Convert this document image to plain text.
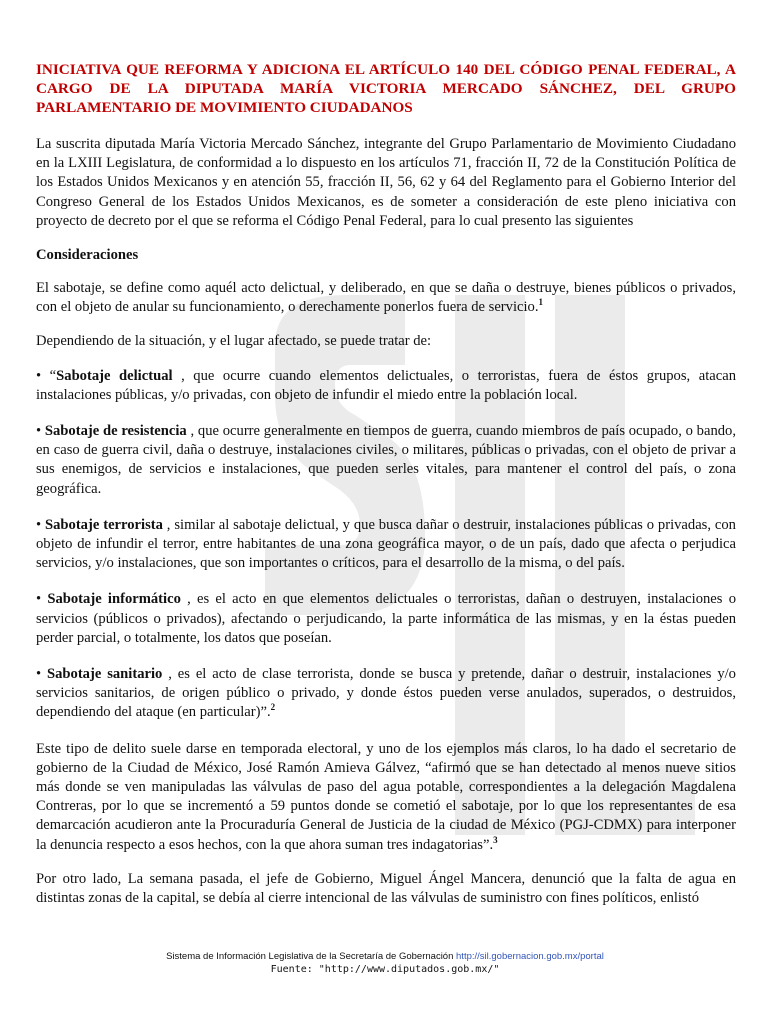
INICIATIVA QUE REFORMA Y ADICIONA EL ARTÍCULO 140 DEL CÓDIGO PENAL FEDERAL, A CARGO DE LA DIPUTADA MARÍA VICTORIA MERCADO SÁNCHEZ, DEL GRUPO PARLAMENTARIO DE MOVIMIENTO CIUDADANOS

La suscrita diputada María Victoria Mercado Sánchez, integrante del Grupo Parlamentario de Movimiento Ciudadano en la LXIII Legislatura, de conformidad a lo dispuesto en los artículos 71, fracción II, 72 de la Constitución Política de los Estados Unidos Mexicanos y en atención 55, fracción II, 56, 62 y 64 del Reglamento para el Gobierno Interior del Congreso General de los Estados Unidos Mexicanos, es de someter a consideración de este pleno iniciativa con proyecto de decreto por el que se reforma el Código Penal Federal, para lo cual presento las siguientes

Consideraciones

El sabotaje, se define como aquél acto delictual, y deliberado, en que se daña o destruye, bienes públicos o privados, con el objeto de anular su funcionamiento, o derechamente ponerlos fuera de servicio.$^1$

Dependiendo de la situación, y el lugar afectado, se puede tratar de:

• “Sabotaje delictual , que ocurre cuando elementos delictuales, o terroristas, fuera de éstos grupos, atacan instalaciones públicas, y/o privadas, con objeto de infundir el miedo entre la población local.

• Sabotaje de resistencia , que ocurre generalmente en tiempos de guerra, cuando miembros de país ocupado, o bando, en caso de guerra civil, daña o destruye, instalaciones civiles, o militares, públicas o privadas, con el objeto de privar a sus enemigos, de servicios e instalaciones, que pueden serles vitales, para mantener el control del país, o zona geográfica.

• Sabotaje terrorista , similar al sabotaje delictual, y que busca dañar o destruir, instalaciones públicas o privadas, con objeto de infundir el terror, entre habitantes de una zona geográfica mayor, o de un país, dado que afecta o perjudica servicios, y/o instalaciones, que son importantes o críticos, para el desarrollo de la misma, o del país.

• Sabotaje informático , es el acto en que elementos delictuales o terroristas, dañan o destruyen, instalaciones o servicios (públicos o privados), afectando o perjudicando, la parte informática de las mismas, y en la éstas pueden perder parcial, o totalmente, los datos que poseían.

• Sabotaje sanitario , es el acto de clase terrorista, donde se busca y pretende, dañar o destruir, instalaciones y/o servicios sanitarios, de origen público o privado, y donde éstos pueden verse anulados, superados, o destruidos, dependiendo del ataque (en particular)”.$^2$

Este tipo de delito suele darse en temporada electoral, y uno de los ejemplos más claros, lo ha dado el secretario de gobierno de la Ciudad de México, José Ramón Amieva Gálvez, “afirmó que se han detectado al menos nueve sitios más donde se ven manipuladas las válvulas de paso del agua potable, correspondientes a la delegación Magdalena Contreras, por lo que se incrementó a 59 puntos donde se cometió el sabotaje, por lo que los representantes de esa demarcación acudieron ante la Procuraduría General de Justicia de la ciudad de México (PGJ-CDMX) para interponer la denuncia respecto a esos hechos, con la que ahora suman tres indagatorias”.$^3$

Por otro lado, La semana pasada, el jefe de Gobierno, Miguel Ángel Mancera, denunció que la falta de agua en distintas zonas de la capital, se debía al cierre intencional de las válvulas de suministro con fines políticos, enlistó

Sistema de Información Legislativa de la Secretaría de Gobernación http://sil.gobernacion.gob.mx/portal
Fuente: "http://www.diputados.gob.mx/"
